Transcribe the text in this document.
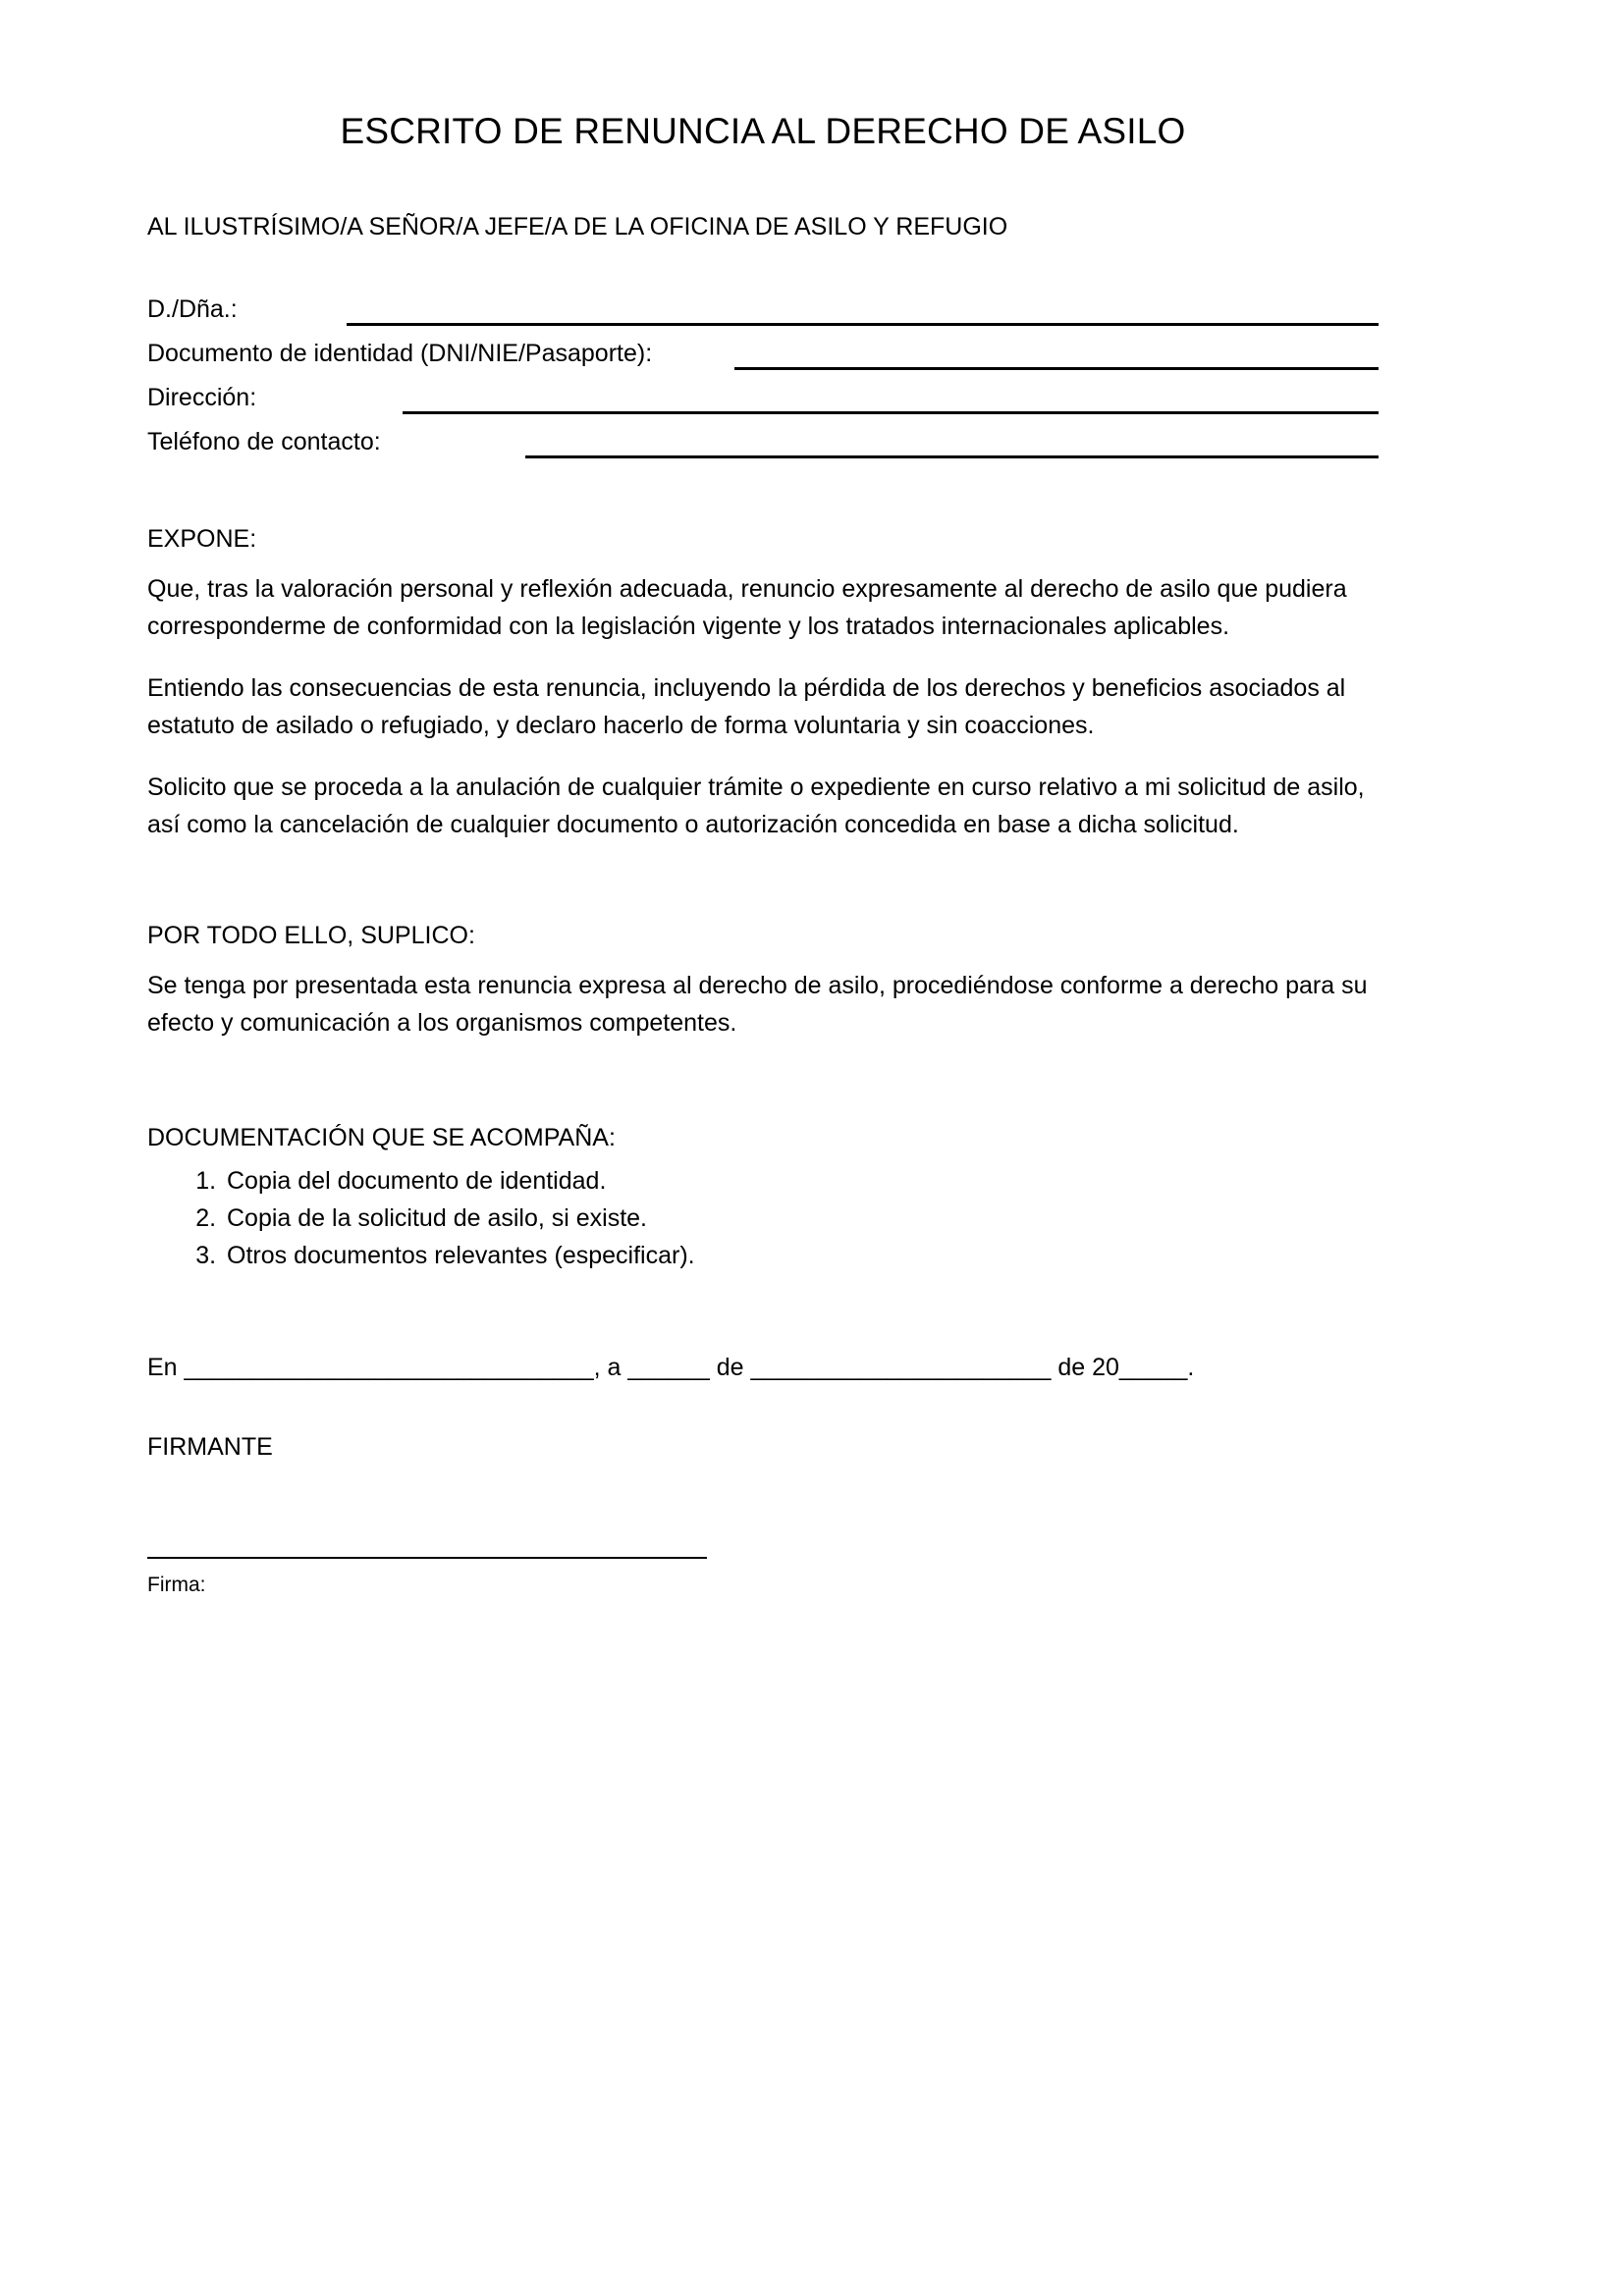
ESCRITO DE RENUNCIA AL DERECHO DE ASILO
AL ILUSTRÍSIMO/A SEÑOR/A JEFE/A DE LA OFICINA DE ASILO Y REFUGIO
D./Dña.:
Documento de identidad (DNI/NIE/Pasaporte):
Dirección:
Teléfono de contacto:
EXPONE:

Que, tras la valoración personal y reflexión adecuada, renuncio expresamente al derecho de asilo que pudiera corresponderme de conformidad con la legislación vigente y los tratados internacionales aplicables.

Entiendo las consecuencias de esta renuncia, incluyendo la pérdida de los derechos y beneficios asociados al estatuto de asilado o refugiado, y declaro hacerlo de forma voluntaria y sin coacciones.

Solicito que se proceda a la anulación de cualquier trámite o expediente en curso relativo a mi solicitud de asilo, así como la cancelación de cualquier documento o autorización concedida en base a dicha solicitud.

POR TODO ELLO, SUPLICO:

Se tenga por presentada esta renuncia expresa al derecho de asilo, procediéndose conforme a derecho para su efecto y comunicación a los organismos competentes.

DOCUMENTACIÓN QUE SE ACOMPAÑA:
1. Copia del documento de identidad.
2. Copia de la solicitud de asilo, si existe.
3. Otros documentos relevantes (especificar).
En ______________________________, a ______ de ______________________ de 20_____.
FIRMANTE
Firma:
